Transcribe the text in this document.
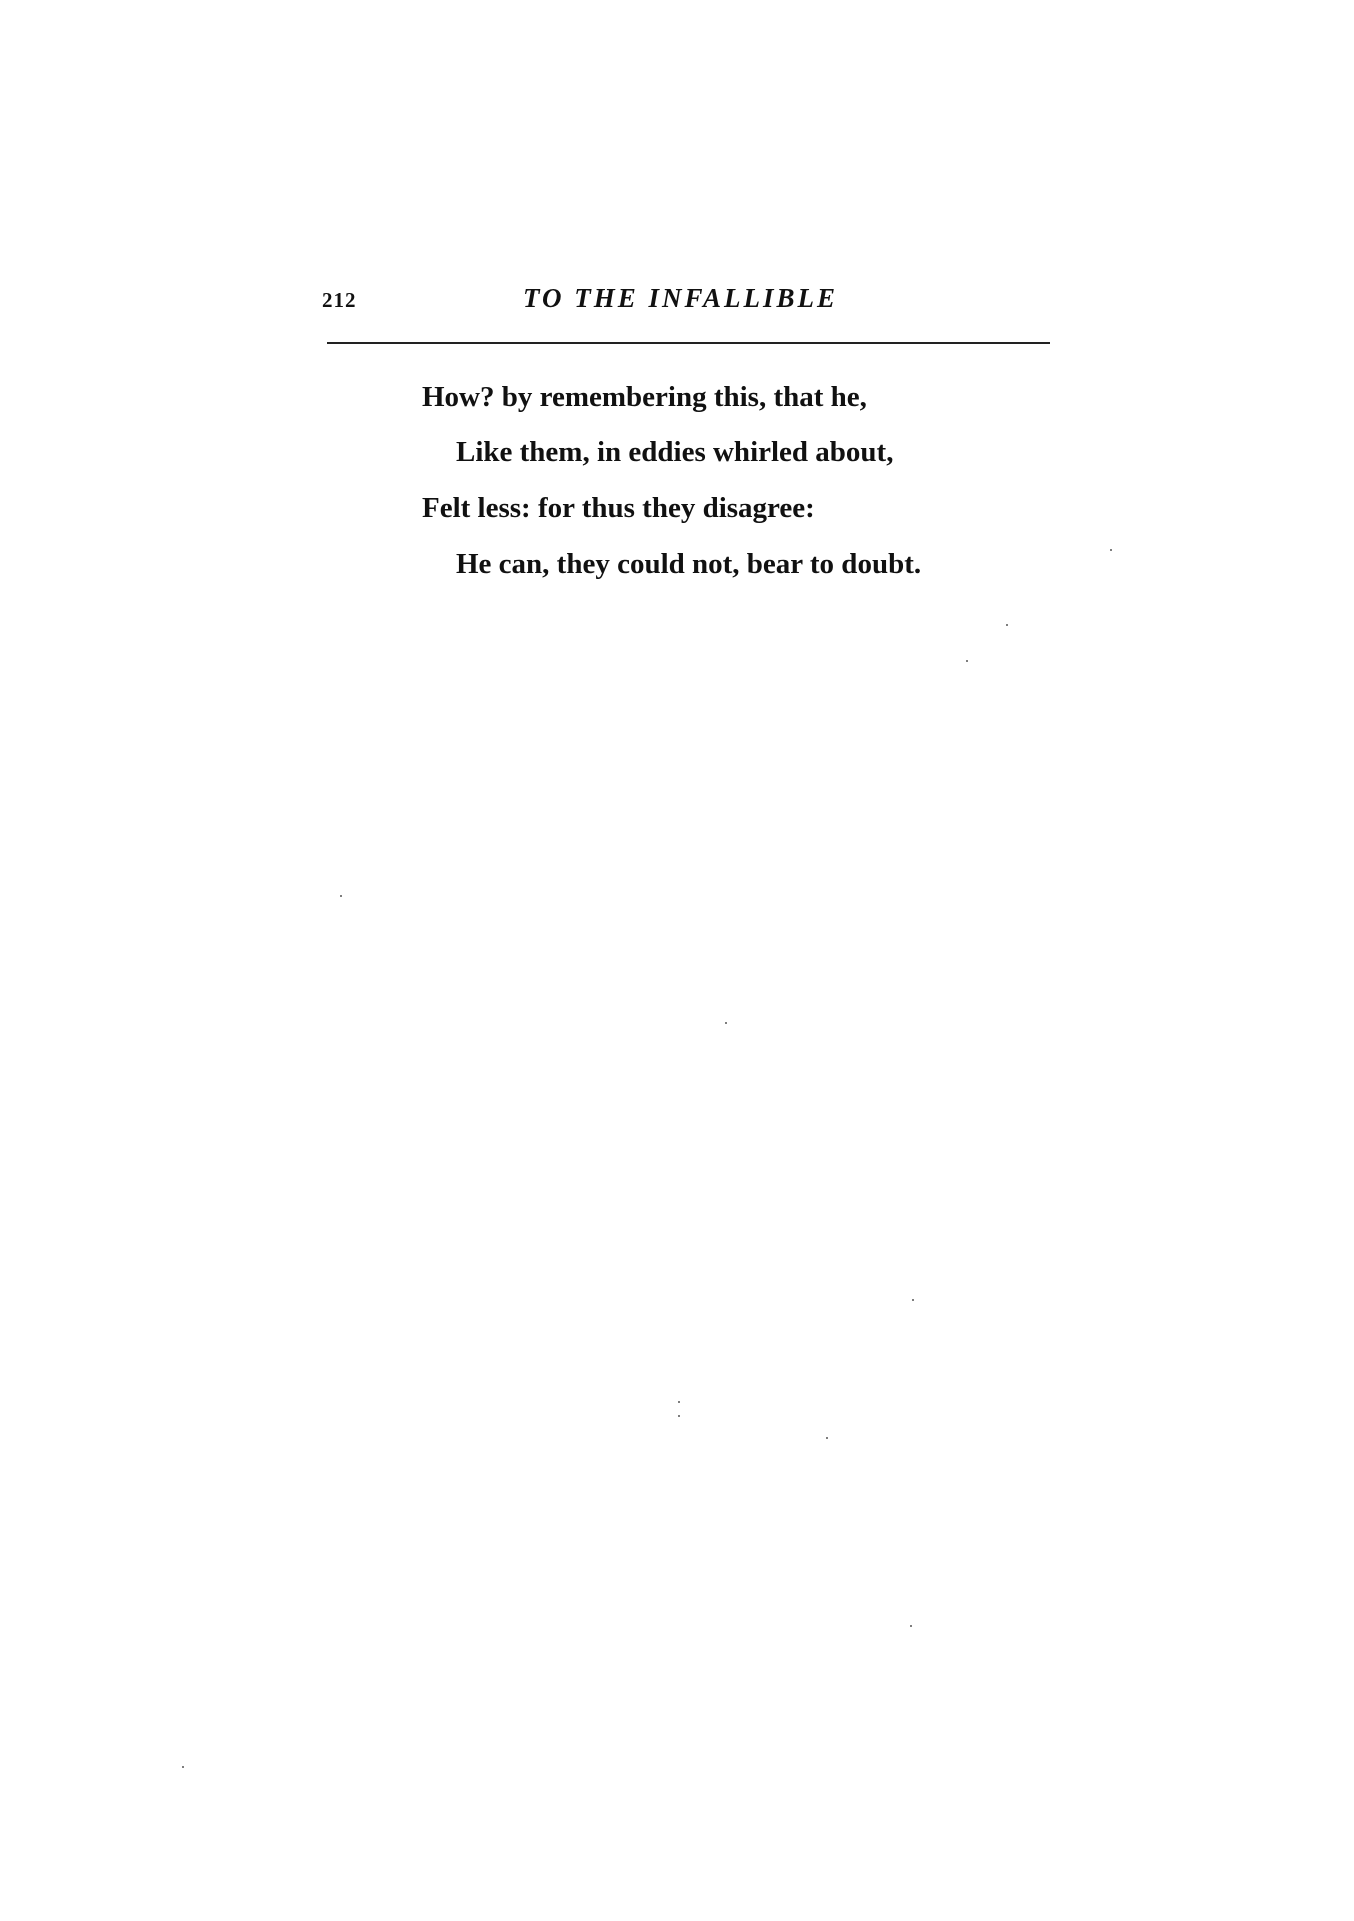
212	TO THE INFALLIBLE
How? by remembering this, that he,
Like them, in eddies whirled about,
Felt less: for thus they disagree:
He can, they could not, bear to doubt.
